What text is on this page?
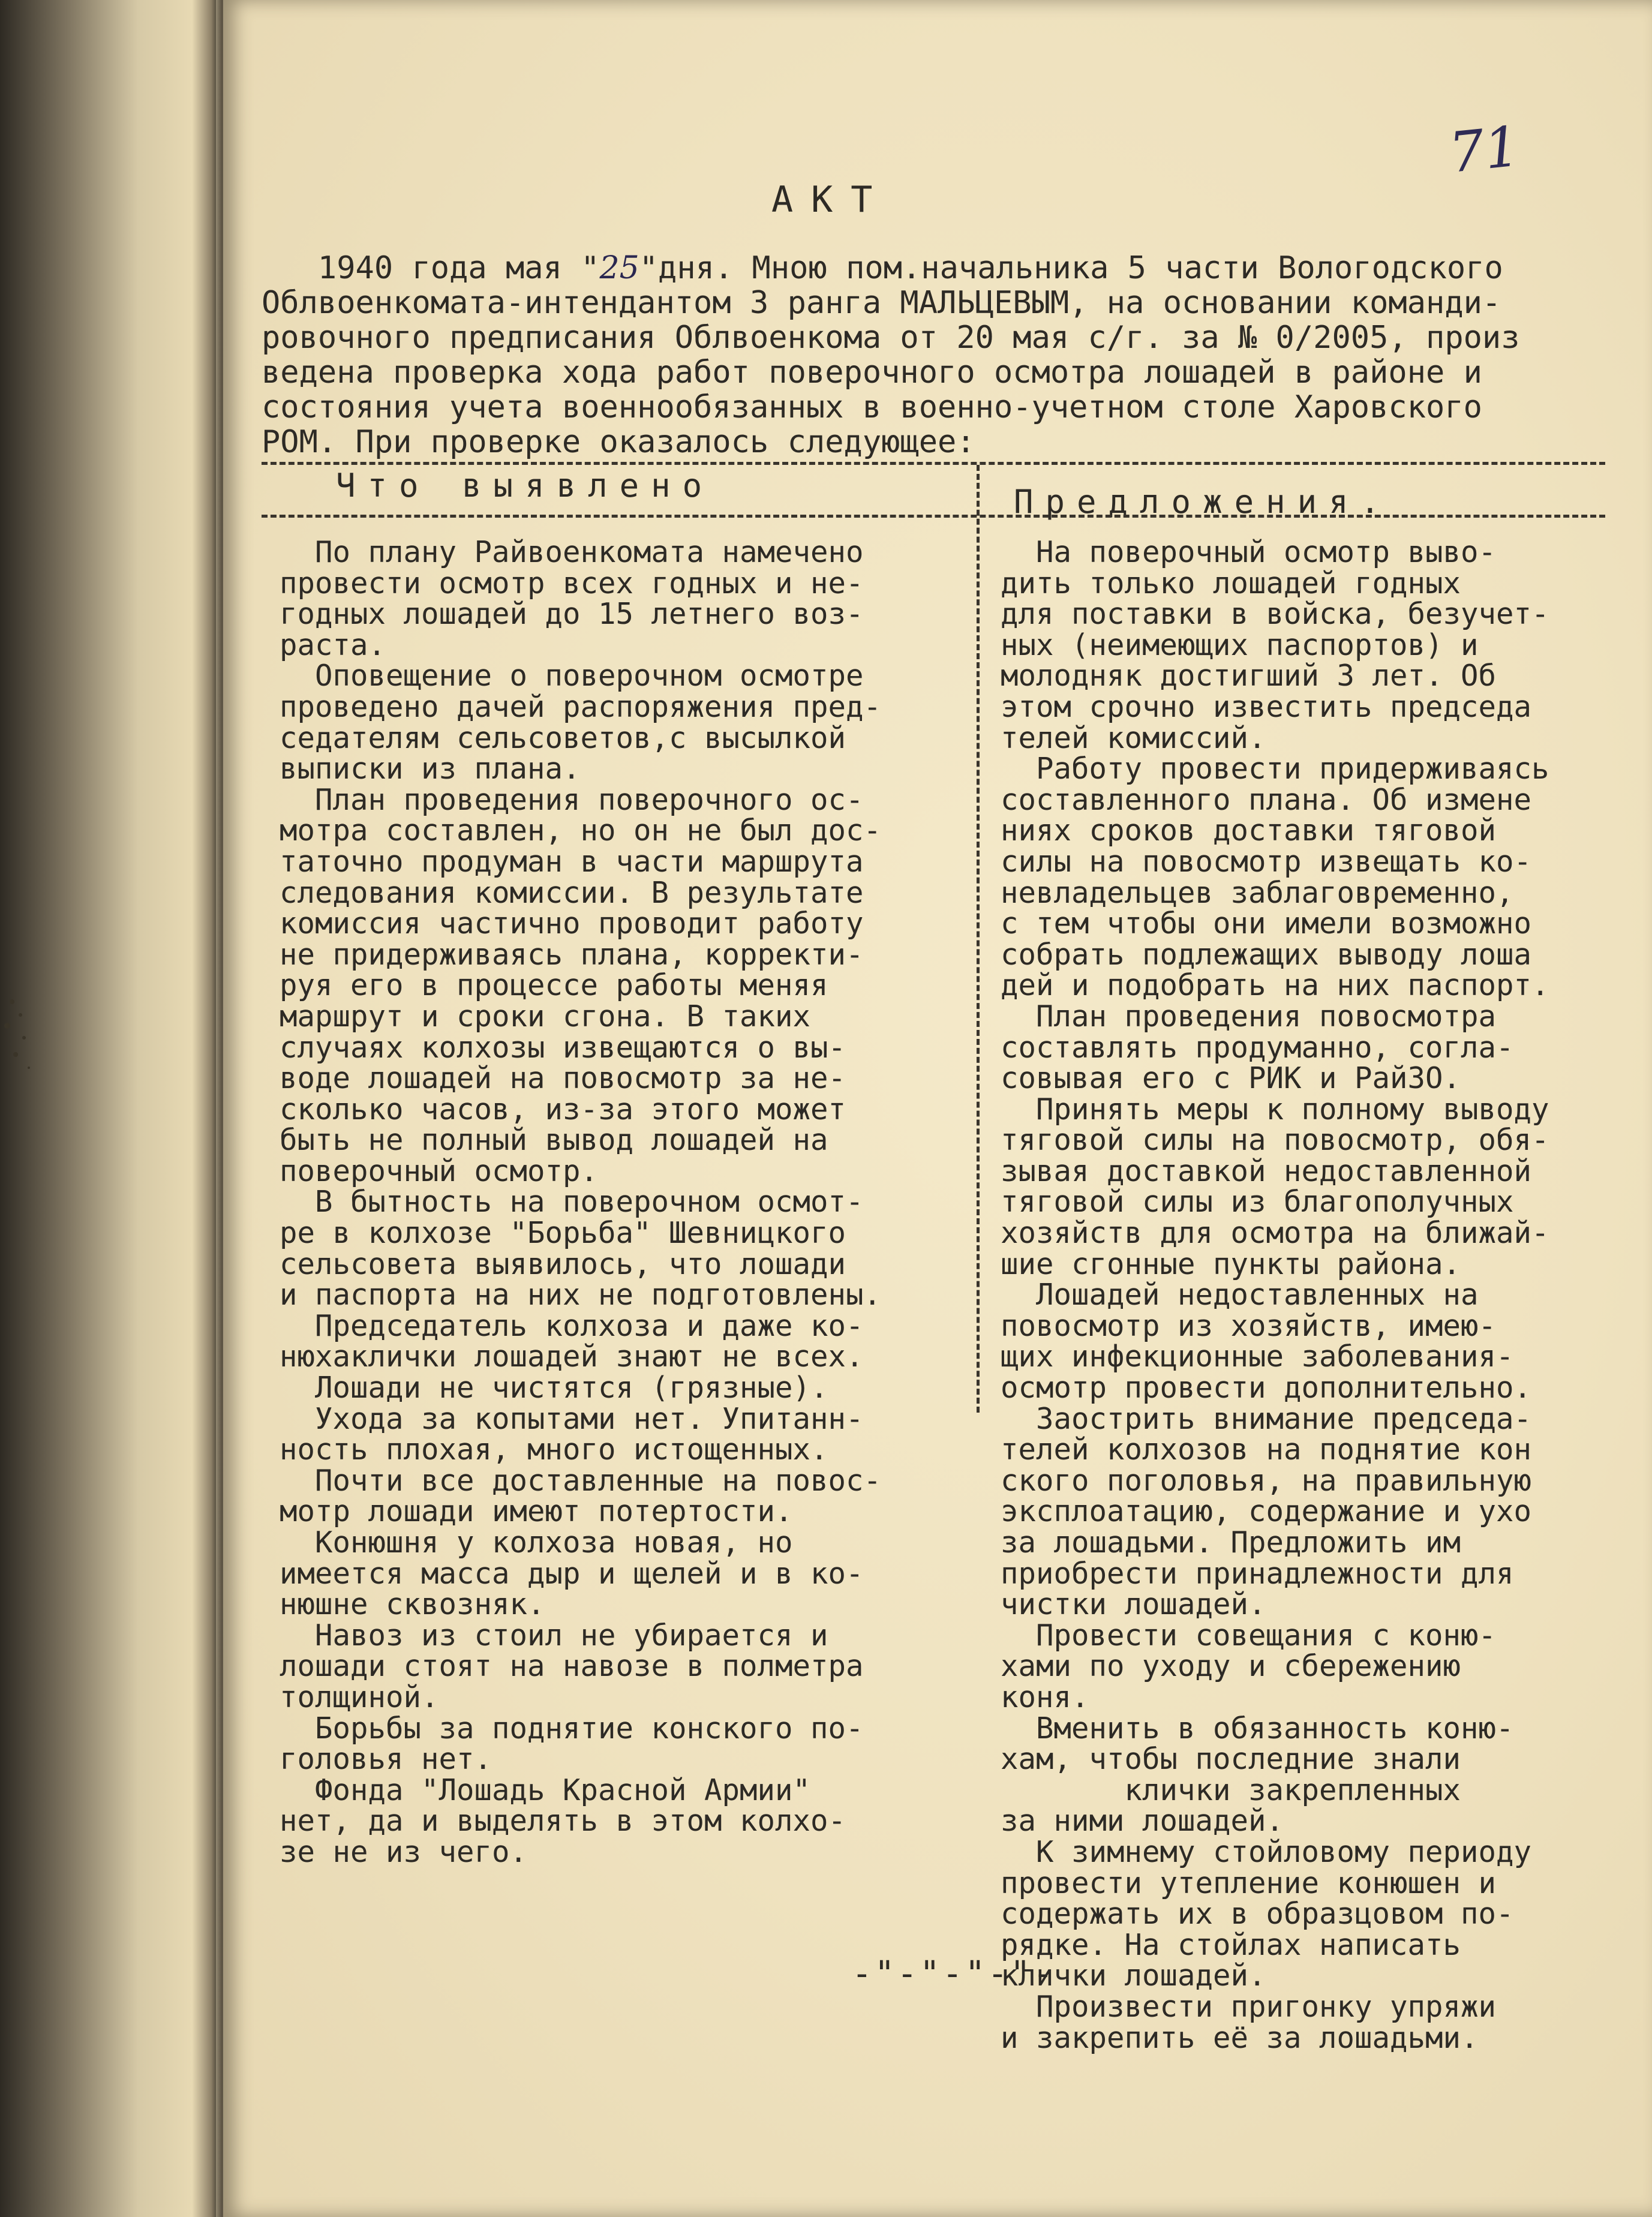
71
АКТ
1940 года мая "25"дня. Мною пом.начальника 5 части Вологодского
Облвоенкомата-интендантом 3 ранга МАЛЬЦЕВЫМ, на основании команди-
ровочного предписания Облвоенкома от 20 мая с/г. за № 0/2005, произ
ведена проверка хода работ поверочного осмотра лошадей в районе и
состояния учета военнообязанных в военно-учетном столе Харовского
РОМ. При проверке оказалось следующее:
Что выявлено	Предложения.
По плану Райвоенкомата намечено
провести осмотр всех годных и не-
годных лошадей до 15 летнего воз-
раста.
Оповещение о поверочном осмотре
проведено дачей распоряжения пред-
седателям сельсоветов,с высылкой
выписки из плана.
План проведения поверочного ос-
мотра составлен, но он не был дос-
таточно продуман в части маршрута
следования комиссии. В результате
комиссия частично проводит работу
не придерживаясь плана, корректи-
руя его в процессе работы меняя
маршрут и сроки сгона. В таких
случаях колхозы извещаются о вы-
воде лошадей на повосмотр за не-
сколько часов, из-за этого может
быть не полный вывод лошадей на
поверочный осмотр.
В бытность на поверочном осмот-
ре в колхозе "Борьба" Шевницкого
сельсовета выявилось, что лошади
и паспорта на них не подготовлены.
Председатель колхоза и даже ко-
нюхаклички лошадей знают не всех.
Лошади не чистятся (грязные).
Ухода за копытами нет. Упитанн-
ность плохая, много истощенных.
Почти все доставленные на повос-
мотр лошади имеют потертости.
Конюшня у колхоза новая, но
имеется масса дыр и щелей и в ко-
нюшне сквозняк.
Навоз из стоил не убирается и
лошади стоят на навозе в полметра
толщиной.
Борьбы за поднятие конского по-
головья нет.
Фонда "Лошадь Красной Армии"
нет, да и выделять в этом колхо-
зе не из чего.
На поверочный осмотр выво-
дить только лошадей годных
для поставки в войска, безучет-
ных (неимеющих паспортов) и
молодняк достигший 3 лет. Об
этом срочно известить председа
телей комиссий.
Работу провести придерживаясь
составленного плана. Об измене
ниях сроков доставки тяговой
силы на повосмотр извещать ко-
невладельцев заблаговременно,
с тем чтобы они имели возможно
собрать подлежащих выводу лоша
дей и подобрать на них паспорт.
План проведения повосмотра
составлять продуманно, согла-
совывая его с РИК и РайЗО.
Принять меры к полному выводу
тяговой силы на повосмотр, обя-
зывая доставкой недоставленной
тяговой силы из благополучных
хозяйств для осмотра на ближай-
шие сгонные пункты района.
Лошадей недоставленных на
повосмотр из хозяйств, имею-
щих инфекционные заболевания-
осмотр провести дополнительно.
Заострить внимание председа-
телей колхозов на поднятие кон
ского поголовья, на правильную
эксплоатацию, содержание и ухо
за лошадьми. Предложить им
приобрести принадлежности для
чистки лошадей.
Провести совещания с коню-
хами по уходу и сбережению
коня.
Вменить в обязанность коню-
хам, чтобы последние знали
клички закрепленных
за ними лошадей.
К зимнему стойловому периоду
провести утепление конюшен и
содержать их в образцовом по-
рядке. На стойлах написать
клички лошадей.
Произвести пригонку упряжи
и закрепить её за лошадьми.
-"-"-"-"-
